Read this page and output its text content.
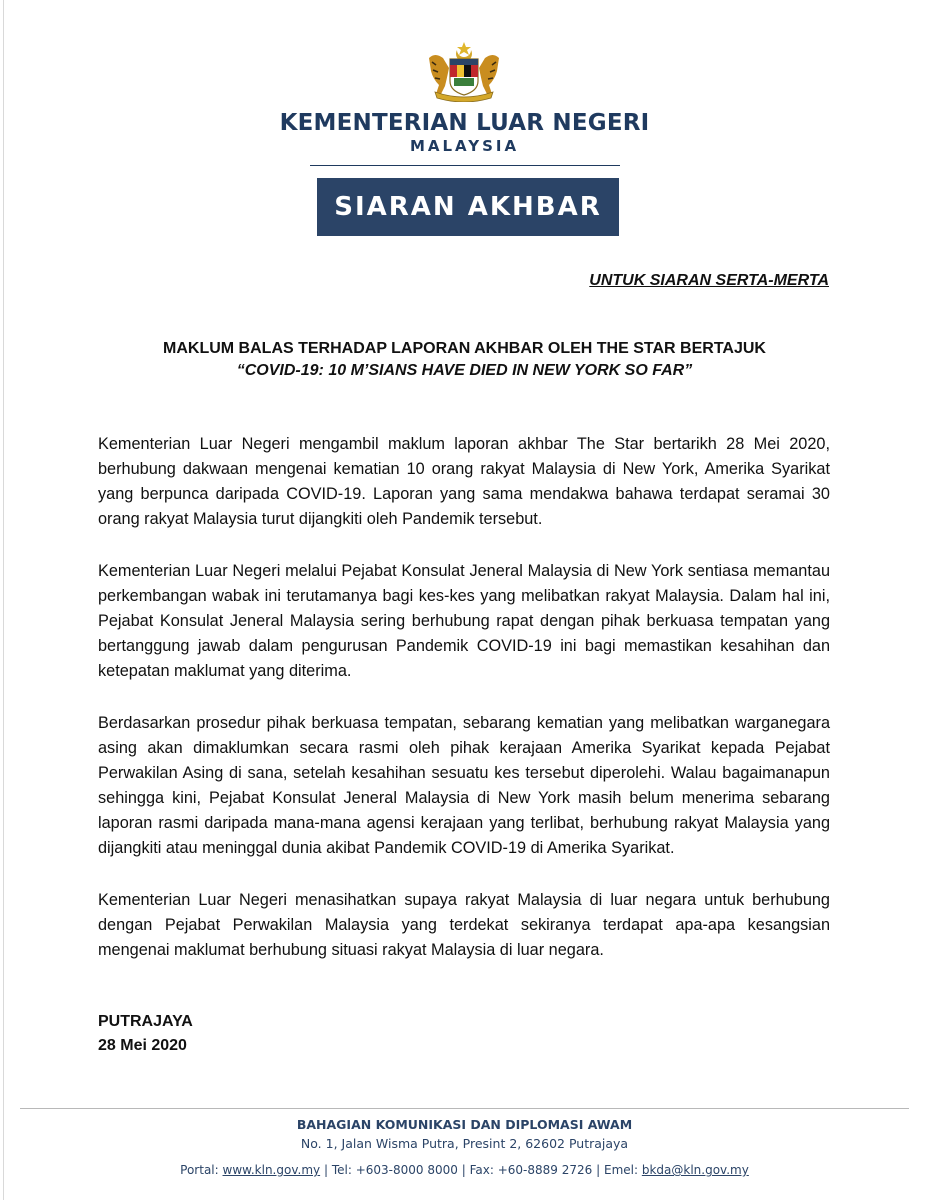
KEMENTERIAN LUAR NEGERI
MALAYSIA
SIARAN AKHBAR
UNTUK SIARAN SERTA-MERTA
MAKLUM BALAS TERHADAP LAPORAN AKHBAR OLEH THE STAR BERTAJUK
“COVID-19: 10 M’SIANS HAVE DIED IN NEW YORK SO FAR”

Kementerian Luar Negeri mengambil maklum laporan akhbar The Star bertarikh 28 Mei 2020, berhubung dakwaan mengenai kematian 10 orang rakyat Malaysia di New York, Amerika Syarikat yang berpunca daripada COVID-19. Laporan yang sama mendakwa bahawa terdapat seramai 30 orang rakyat Malaysia turut dijangkiti oleh Pandemik tersebut.

Kementerian Luar Negeri melalui Pejabat Konsulat Jeneral Malaysia di New York sentiasa memantau perkembangan wabak ini terutamanya bagi kes-kes yang melibatkan rakyat Malaysia. Dalam hal ini, Pejabat Konsulat Jeneral Malaysia sering berhubung rapat dengan pihak berkuasa tempatan yang bertanggung jawab dalam pengurusan Pandemik COVID-19 ini bagi memastikan kesahihan dan ketepatan maklumat yang diterima.

Berdasarkan prosedur pihak berkuasa tempatan, sebarang kematian yang melibatkan warganegara asing akan dimaklumkan secara rasmi oleh pihak kerajaan Amerika Syarikat kepada Pejabat Perwakilan Asing di sana, setelah kesahihan sesuatu kes tersebut diperolehi. Walau bagaimanapun sehingga kini, Pejabat Konsulat Jeneral Malaysia di New York masih belum menerima sebarang laporan rasmi daripada mana-mana agensi kerajaan yang terlibat, berhubung rakyat Malaysia yang dijangkiti atau meninggal dunia akibat Pandemik COVID-19 di Amerika Syarikat.

Kementerian Luar Negeri menasihatkan supaya rakyat Malaysia di luar negara untuk berhubung dengan Pejabat Perwakilan Malaysia yang terdekat sekiranya terdapat apa-apa kesangsian mengenai maklumat berhubung situasi rakyat Malaysia di luar negara.

PUTRAJAYA
28 Mei 2020
BAHAGIAN KOMUNIKASI DAN DIPLOMASI AWAM
No. 1, Jalan Wisma Putra, Presint 2, 62602 Putrajaya
Portal: www.kln.gov.my | Tel: +603-8000 8000 | Fax: +60-8889 2726 | Emel: bkda@kln.gov.my
